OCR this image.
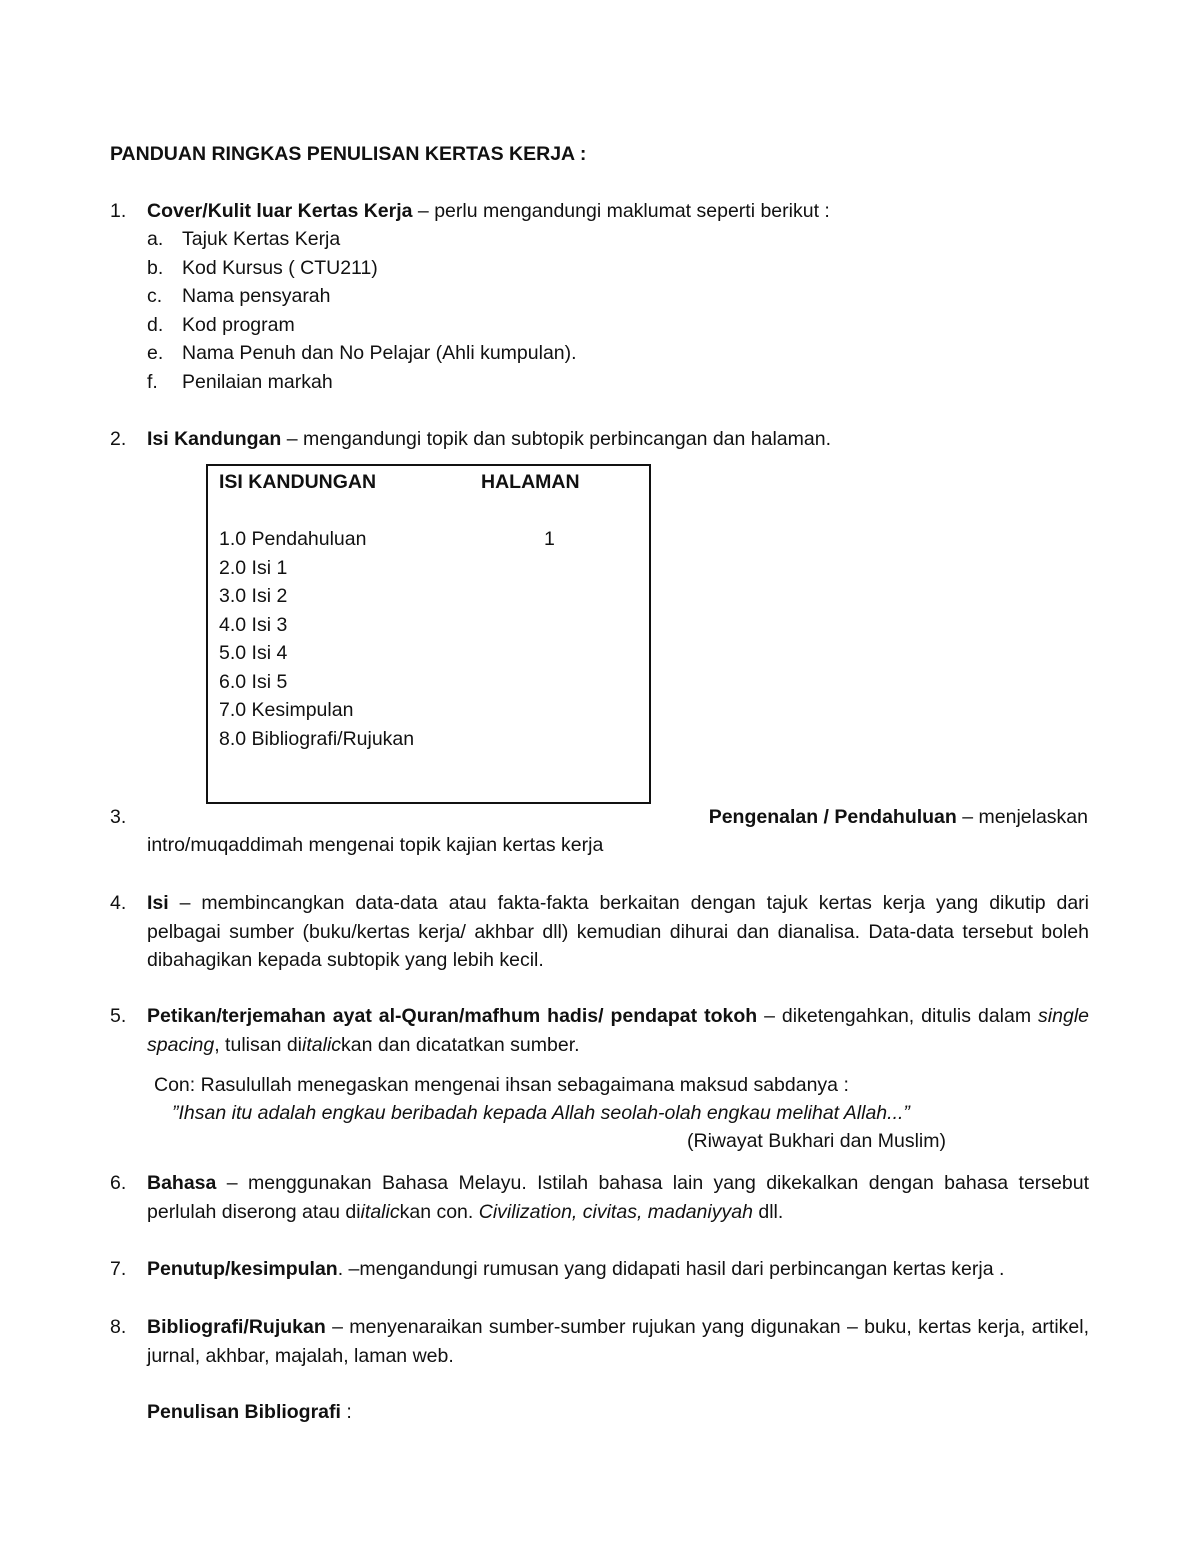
PANDUAN RINGKAS PENULISAN KERTAS KERJA :
1. Cover/Kulit luar Kertas Kerja – perlu mengandungi maklumat seperti berikut :
a. Tajuk Kertas Kerja
b. Kod Kursus ( CTU211)
c. Nama pensyarah
d. Kod program
e. Nama Penuh dan No Pelajar (Ahli kumpulan).
f. Penilaian markah
2. Isi Kandungan – mengandungi topik dan subtopik perbincangan dan halaman.
ISI KANDUNGAN	HALAMAN
1.0 Pendahuluan	1
2.0 Isi 1
3.0 Isi 2
4.0 Isi 3
5.0 Isi 4
6.0 Isi 5
7.0 Kesimpulan
8.0 Bibliografi/Rujukan
3.	Pengenalan / Pendahuluan – menjelaskan
intro/muqaddimah mengenai topik kajian kertas kerja
4. Isi – membincangkan data-data atau fakta-fakta berkaitan dengan tajuk kertas kerja yang dikutip dari pelbagai sumber (buku/kertas kerja/ akhbar dll) kemudian dihurai dan dianalisa. Data-data tersebut boleh dibahagikan kepada subtopik yang lebih kecil.
5. Petikan/terjemahan ayat al-Quran/mafhum hadis/ pendapat tokoh – diketengahkan, ditulis dalam single spacing, tulisan diitalickan dan dicatatkan sumber.
Con: Rasulullah menegaskan mengenai ihsan sebagaimana maksud sabdanya :
”Ihsan itu adalah engkau beribadah kepada Allah seolah-olah engkau melihat Allah...”
(Riwayat Bukhari dan Muslim)
6. Bahasa – menggunakan Bahasa Melayu. Istilah bahasa lain yang dikekalkan dengan bahasa tersebut perlulah diserong atau diitalickan con. Civilization, civitas, madaniyyah dll.
7. Penutup/kesimpulan. –mengandungi rumusan yang didapati hasil dari perbincangan kertas kerja .
8. Bibliografi/Rujukan – menyenaraikan sumber-sumber rujukan yang digunakan – buku, kertas kerja, artikel, jurnal, akhbar, majalah, laman web.
Penulisan Bibliografi :
